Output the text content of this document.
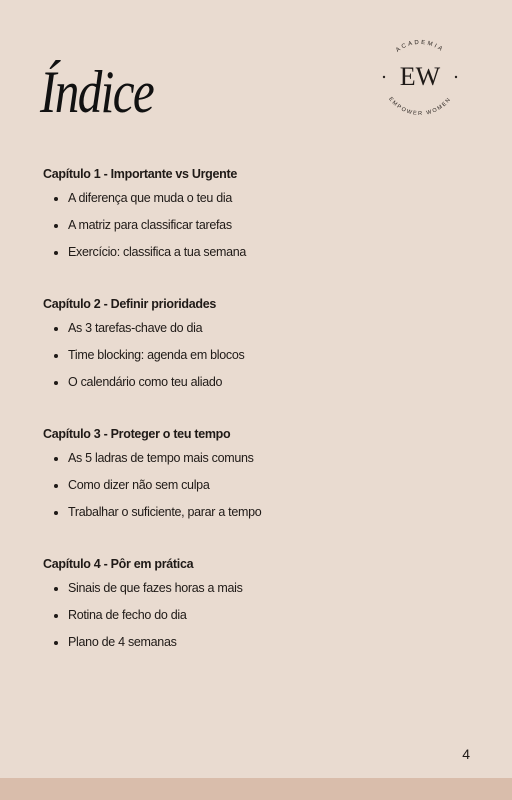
Índice
ACADEMIA
EMPOWER WOMEN
EW

Capítulo 1 - Importante vs Urgente

A diferença que muda o teu dia
A matriz para classificar tarefas
Exercício: classifica a tua semana

Capítulo 2 - Definir prioridades

As 3 tarefas-chave do dia
Time blocking: agenda em blocos
O calendário como teu aliado

Capítulo 3 - Proteger o teu tempo

As 5 ladras de tempo mais comuns
Como dizer não sem culpa
Trabalhar o suficiente, parar a tempo

Capítulo 4 - Pôr em prática

Sinais de que fazes horas a mais
Rotina de fecho do dia
Plano de 4 semanas
4
